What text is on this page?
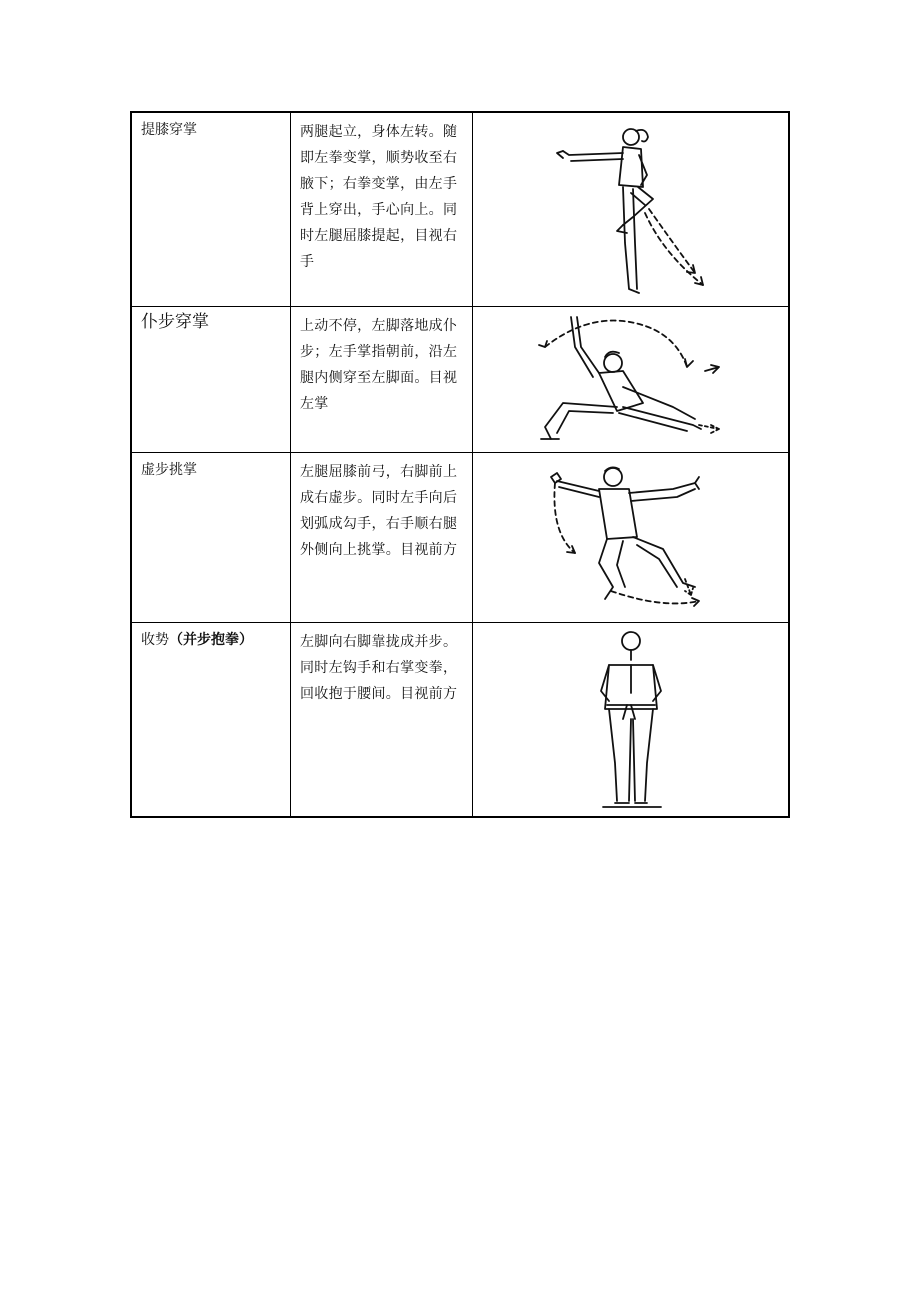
提膝穿掌	两腿起立，身体左转。随即左拳变掌，顺势收至右腋下；右拳变掌，由左手背上穿出，手心向上。同时左腿屈膝提起，目视右手

仆步穿掌	上动不停，左脚落地成仆步；左手掌指朝前，沿左腿内侧穿至左脚面。目视左掌

虚步挑掌	左腿屈膝前弓，右脚前上成右虚步。同时左手向后划弧成勾手，右手顺右腿外侧向上挑掌。目视前方

收势（并步抱拳）	左脚向右脚靠拢成并步。同时左钩手和右掌变拳，回收抱于腰间。目视前方
